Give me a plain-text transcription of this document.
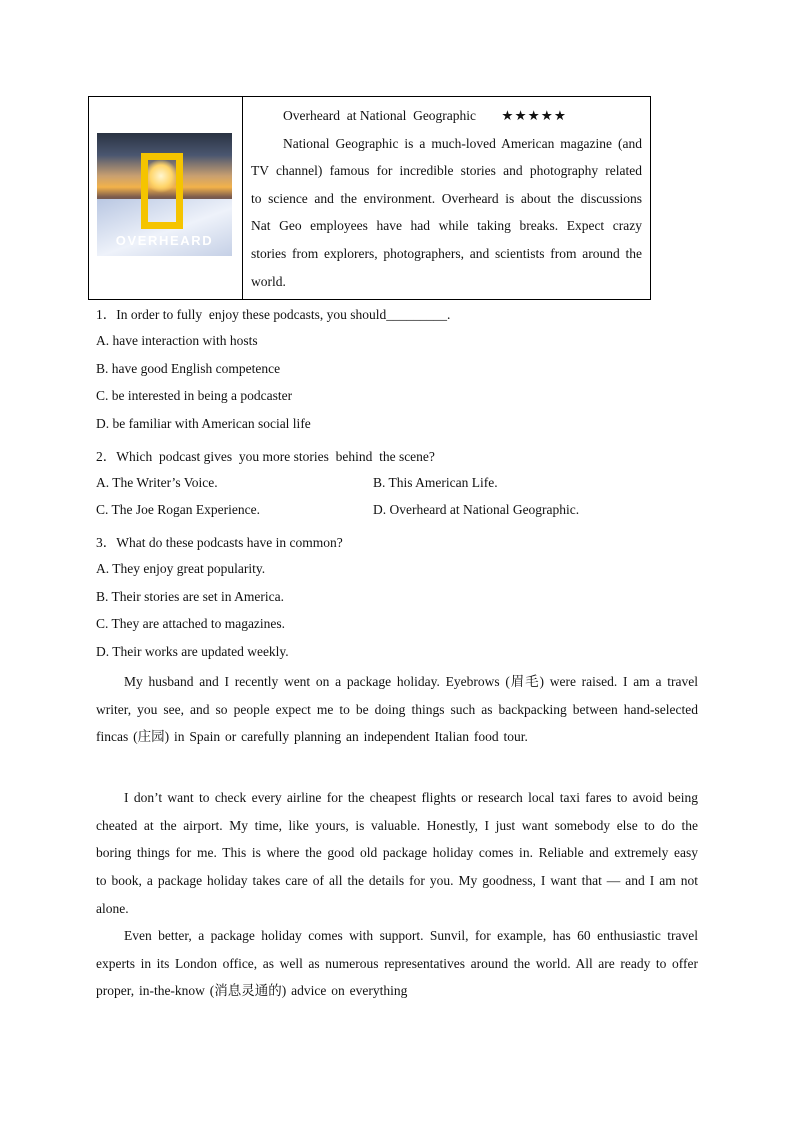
OVERHEARD
Overheard  at National  Geographic ★★★★★
National Geographic is a much-loved American magazine (and TV channel) famous for incredible stories and photography related to science and the environment. Overheard is about the discussions Nat Geo employees have had while taking breaks. Expect crazy stories from explorers, photographers, and scientists from around the world.
1．In order to fully  enjoy these podcasts, you should_________.
A. have interaction with hosts
B. have good English competence
C. be interested in being a podcaster
D. be familiar with American social life
2．Which  podcast gives  you more stories  behind  the scene?
A. The Writer’s Voice.	B. This American Life.
C. The Joe Rogan Experience.	D. Overheard at National Geographic.
3．What do these podcasts have in common?
A. They enjoy great popularity.
B. Their stories are set in America.
C. They are attached to magazines.
D. Their works are updated weekly.
My husband and I recently went on a package holiday. Eyebrows (眉毛) were raised. I am a travel writer, you see, and so people expect me to be doing things such as backpacking between hand-selected fincas (庄园) in Spain or carefully planning an independent Italian food tour.
I don’t want to check every airline for the cheapest flights or research local taxi fares to avoid being cheated at the airport. My time, like yours, is valuable. Honestly, I just want somebody else to do the boring things for me. This is where the good old package holiday comes in. Reliable and extremely easy to book, a package holiday takes care of all the details for you. My goodness, I want that — and I am not alone.
Even better, a package holiday comes with support. Sunvil, for example, has 60 enthusiastic travel experts in its London office, as well as numerous representatives around the world. All are ready to offer proper, in-the-know (消息灵通的) advice on everything
